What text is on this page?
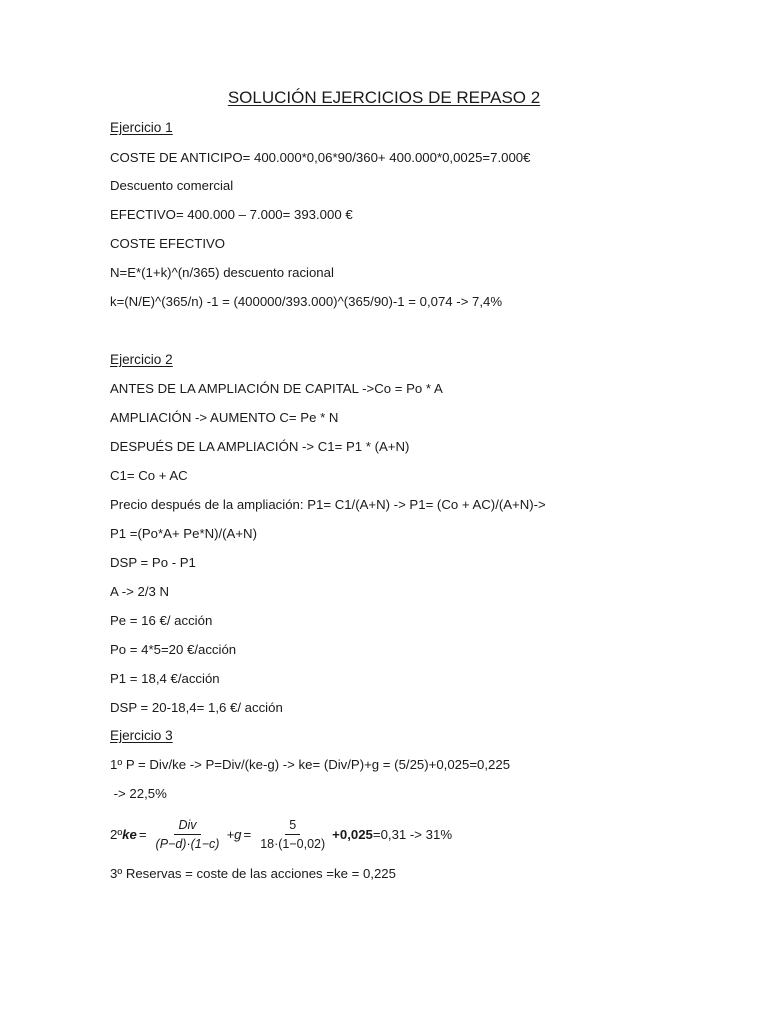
SOLUCIÓN EJERCICIOS DE REPASO 2
Ejercicio 1
COSTE DE ANTICIPO= 400.000*0,06*90/360+ 400.000*0,0025=7.000€
Descuento comercial
EFECTIVO= 400.000 – 7.000= 393.000 €
COSTE EFECTIVO
N=E*(1+k)^(n/365) descuento racional
k=(N/E)^(365/n) -1 = (400000/393.000)^(365/90)-1 = 0,074 -> 7,4%
Ejercicio 2
ANTES DE LA AMPLIACIÓN DE CAPITAL ->Co = Po * A
AMPLIACIÓN -> AUMENTO C= Pe * N
DESPUÉS DE LA AMPLIACIÓN -> C1= P1 * (A+N)
C1= Co + AC
Precio después de la ampliación: P1= C1/(A+N) -> P1= (Co + AC)/(A+N)->
P1 =(Po*A+ Pe*N)/(A+N)
DSP = Po - P1
A -> 2/3 N
Pe = 16 €/ acción
Po = 4*5=20 €/acción
P1 = 18,4 €/acción
DSP = 20-18,4= 1,6 €/ acción
Ejercicio 3
1º P = Div/ke -> P=Div/(ke-g) -> ke= (Div/P)+g = (5/25)+0,025=0,225
-> 22,5%
2º ke = $\frac{\text{Div}}{(P-d)\cdot(1-c)} +g = \frac{5}{18\cdot(1-0,02)} +0,025 =0,31 -> 31\%$
3º Reservas = coste de las acciones =ke = 0,225
